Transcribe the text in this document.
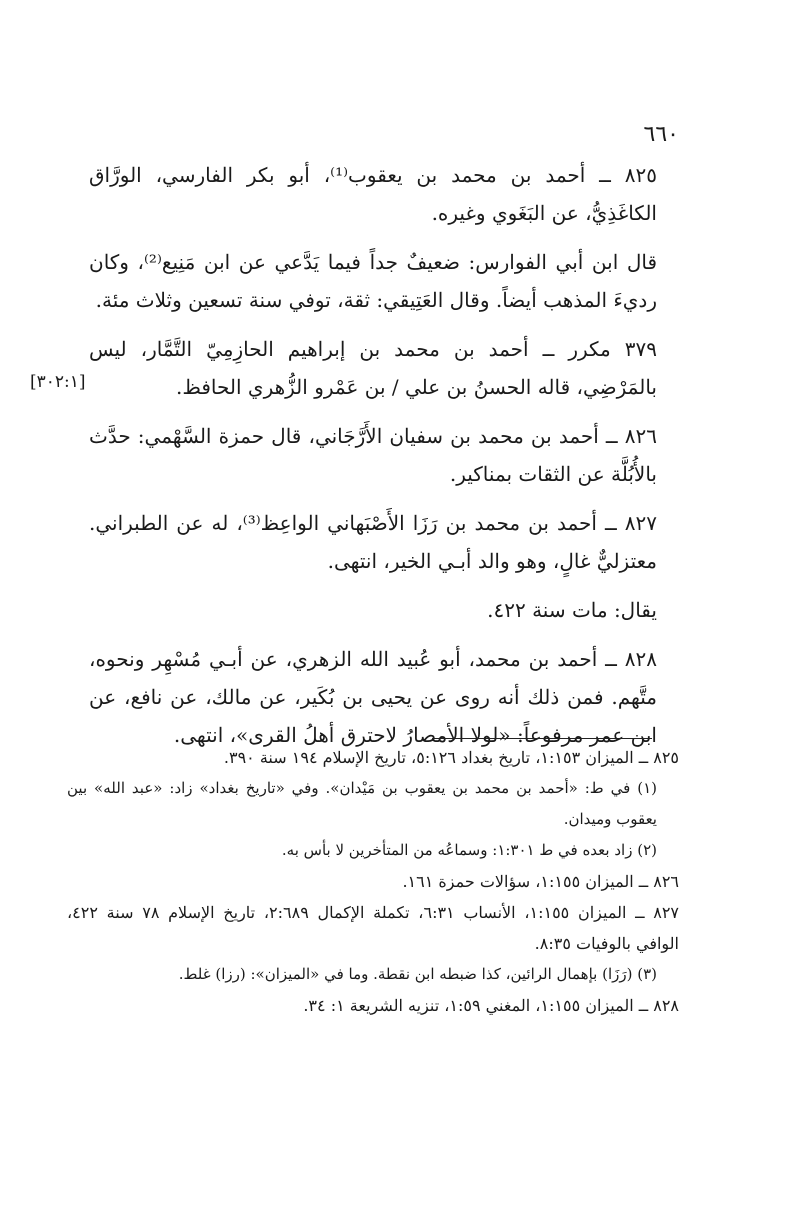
٦٦٠
[٣٠٢:١]

٨٢٥ ــ أحمد بن محمد بن يعقوب⁽¹⁾، أبو بكر الفارسي، الورَّاق الكاغَذِيُّ، عن البَغَوي وغيره.

قال ابن أبي الفوارس: ضعيفٌ جداً فيما يَدَّعي عن ابن مَنِيع⁽²⁾، وكان رديءَ المذهب أيضاً. وقال العَتِيقي: ثقة، توفي سنة تسعين وثلاث مئة.

٣٧٩ مكرر ــ أحمد بن محمد بن إبراهيم الحازِمِيّ التَّمَّار، ليس بالمَرْضِي، قاله الحسنُ بن علي / بن عَمْرو الزُّهري الحافظ.

٨٢٦ ــ أحمد بن محمد بن سفيان الأَرَّجَاني، قال حمزة السَّهْمي: حدَّث بالأُبُلَّة عن الثقات بمناكير.

٨٢٧ ــ أحمد بن محمد بن رَزَا الأَصْبَهاني الواعِظ⁽³⁾، له عن الطبراني. معتزليٌّ غالٍ، وهو والد أبـي الخير، انتهى.

يقال: مات سنة ٤٢٢.

٨٢٨ ــ أحمد بن محمد، أبو عُبيد الله الزهري، عن أبـي مُسْهِر ونحوه، متَّهم. فمن ذلك أنه روى عن يحيى بن بُكَير، عن مالك، عن نافع، عن ابن عمر مرفوعاً: «لولا الأمصارُ لاحترق أهلُ القرى»، انتهى.

٨٢٥ ــ الميزان ١:١٥٣، تاريخ بغداد ٥:١٢٦، تاريخ الإسلام ١٩٤ سنة ٣٩٠.

(١) في ط: «أحمد بن محمد بن يعقوب بن مَيْدان». وفي «تاريخ بغداد» زاد: «عبد الله» بين يعقوب وميدان.

(٢) زاد بعده في ط ١:٣٠١: وسماعُه من المتأخرين لا بأس به.

٨٢٦ ــ الميزان ١:١٥٥، سؤالات حمزة ١٦١.

٨٢٧ ــ الميزان ١:١٥٥، الأنساب ٦:٣١، تكملة الإكمال ٢:٦٨٩، تاريخ الإسلام ٧٨ سنة ٤٢٢، الوافي بالوفيات ٨:٣٥.

(٣) (رَزَا) بإهمال الرائين، كذا ضبطه ابن نقطة. وما في «الميزان»: (رزا) غلط.

٨٢٨ ــ الميزان ١:١٥٥، المغني ١:٥٩، تنزيه الشريعة ١: ٣٤.
